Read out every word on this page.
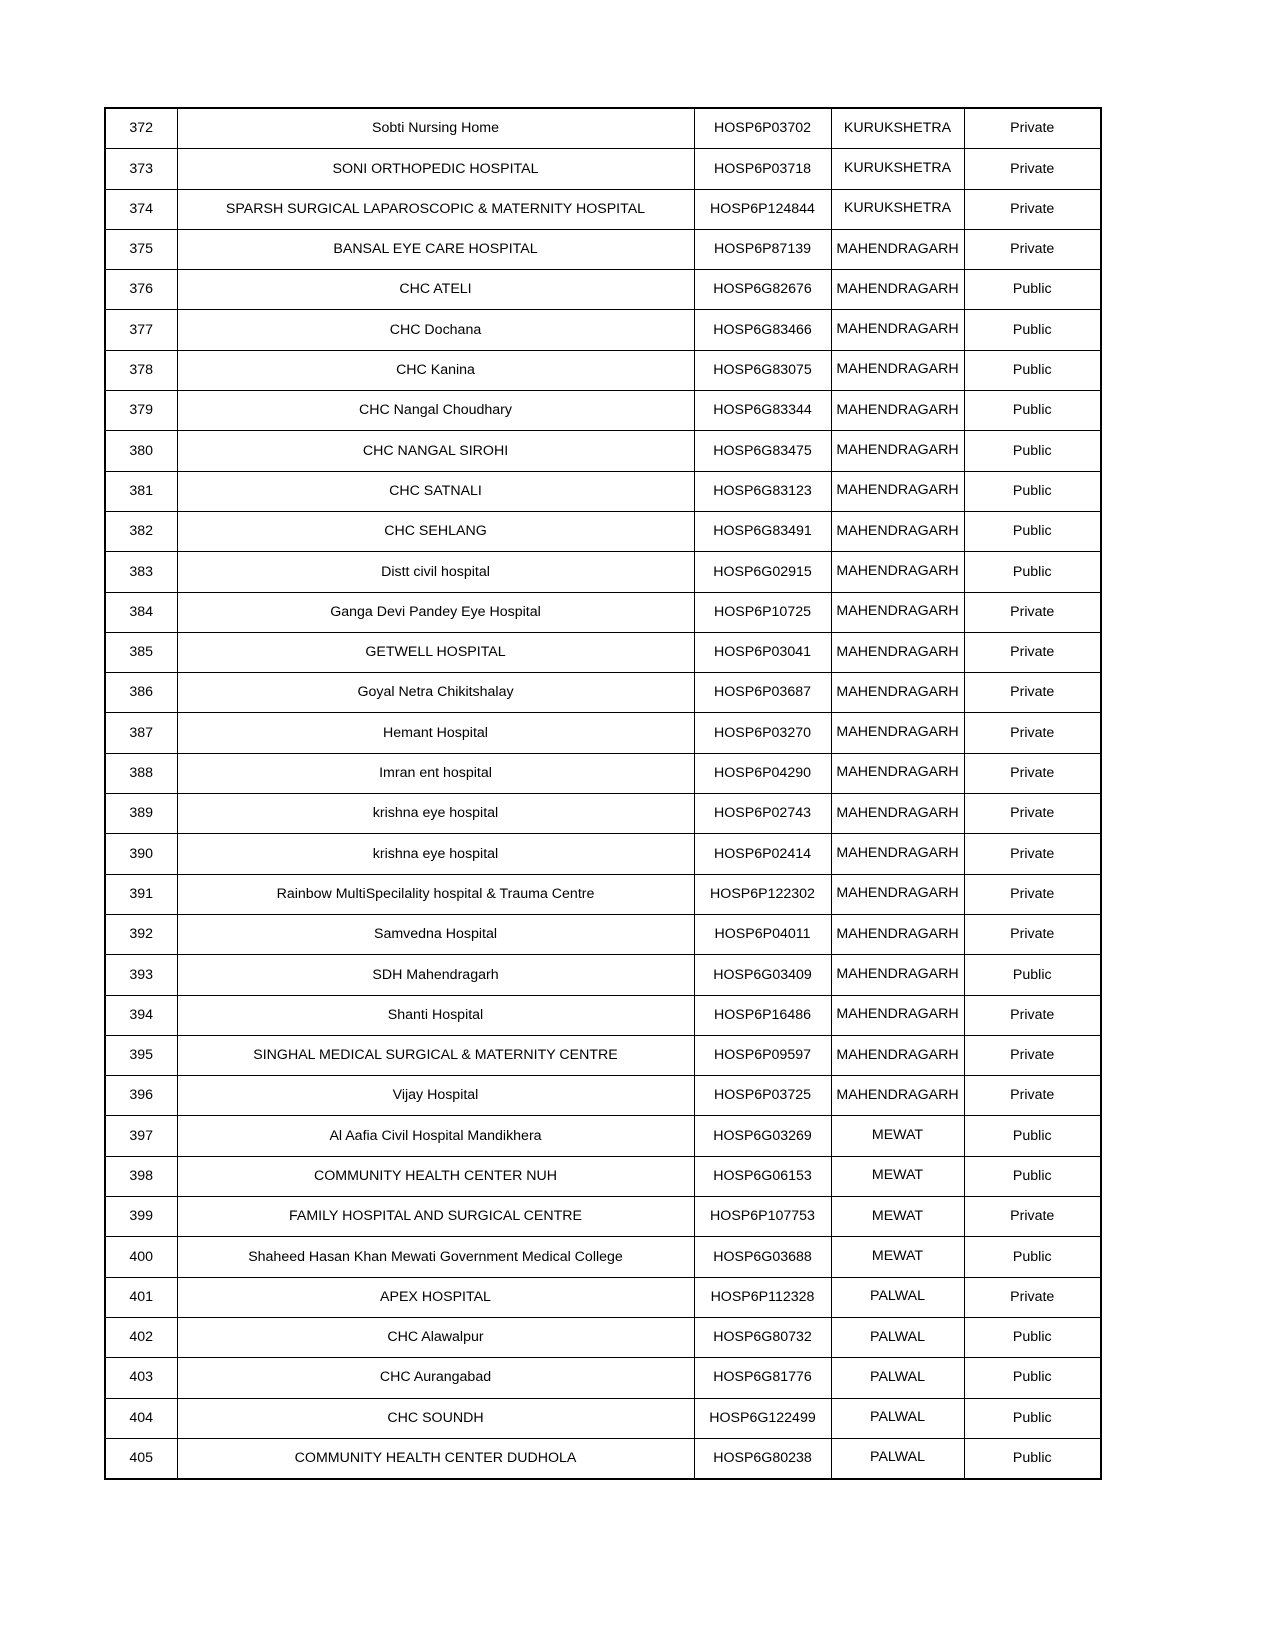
372	Sobti Nursing Home	HOSP6P03702	KURUKSHETRA	Private
373	SONI ORTHOPEDIC HOSPITAL	HOSP6P03718	KURUKSHETRA	Private
374	SPARSH SURGICAL LAPAROSCOPIC & MATERNITY HOSPITAL	HOSP6P124844	KURUKSHETRA	Private
375	BANSAL EYE CARE HOSPITAL	HOSP6P87139	MAHENDRAGARH	Private
376	CHC ATELI	HOSP6G82676	MAHENDRAGARH	Public
377	CHC Dochana	HOSP6G83466	MAHENDRAGARH	Public
378	CHC Kanina	HOSP6G83075	MAHENDRAGARH	Public
379	CHC Nangal Choudhary	HOSP6G83344	MAHENDRAGARH	Public
380	CHC NANGAL SIROHI	HOSP6G83475	MAHENDRAGARH	Public
381	CHC SATNALI	HOSP6G83123	MAHENDRAGARH	Public
382	CHC SEHLANG	HOSP6G83491	MAHENDRAGARH	Public
383	Distt civil hospital	HOSP6G02915	MAHENDRAGARH	Public
384	Ganga Devi Pandey Eye Hospital	HOSP6P10725	MAHENDRAGARH	Private
385	GETWELL HOSPITAL	HOSP6P03041	MAHENDRAGARH	Private
386	Goyal Netra Chikitshalay	HOSP6P03687	MAHENDRAGARH	Private
387	Hemant Hospital	HOSP6P03270	MAHENDRAGARH	Private
388	Imran ent hospital	HOSP6P04290	MAHENDRAGARH	Private
389	krishna eye hospital	HOSP6P02743	MAHENDRAGARH	Private
390	krishna eye hospital	HOSP6P02414	MAHENDRAGARH	Private
391	Rainbow MultiSpecilality hospital & Trauma Centre	HOSP6P122302	MAHENDRAGARH	Private
392	Samvedna Hospital	HOSP6P04011	MAHENDRAGARH	Private
393	SDH Mahendragarh	HOSP6G03409	MAHENDRAGARH	Public
394	Shanti Hospital	HOSP6P16486	MAHENDRAGARH	Private
395	SINGHAL MEDICAL SURGICAL & MATERNITY CENTRE	HOSP6P09597	MAHENDRAGARH	Private
396	Vijay Hospital	HOSP6P03725	MAHENDRAGARH	Private
397	Al Aafia Civil Hospital Mandikhera	HOSP6G03269	MEWAT	Public
398	COMMUNITY HEALTH CENTER NUH	HOSP6G06153	MEWAT	Public
399	FAMILY HOSPITAL AND SURGICAL CENTRE	HOSP6P107753	MEWAT	Private
400	Shaheed Hasan Khan Mewati Government Medical College	HOSP6G03688	MEWAT	Public
401	APEX HOSPITAL	HOSP6P112328	PALWAL	Private
402	CHC Alawalpur	HOSP6G80732	PALWAL	Public
403	CHC Aurangabad	HOSP6G81776	PALWAL	Public
404	CHC SOUNDH	HOSP6G122499	PALWAL	Public
405	COMMUNITY HEALTH CENTER DUDHOLA	HOSP6G80238	PALWAL	Public
